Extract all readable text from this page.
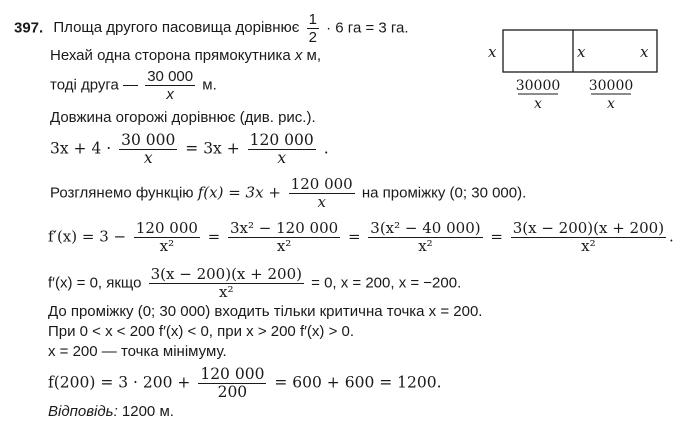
397. Площа другого пасовища дорівнює $\frac{1}{2} \cdot 6$ га = 3 га.
Нехай одна сторона прямокутника x м,
тоді друга — $\frac{30 000}{x} м$.
Довжина огорожі дорівнює (див. рис.).
$3x + 4 \cdot \frac{30 000}{x} = 3x + \frac{120 000}{x}$ .
Розглянемо функцію $f(x) = 3x + \frac{120 000}{x}$ на проміжку (0; 30 000).
$f'(x) = 3 - \frac{120 000}{\text{x²}} = \frac{\text{3x² − 120 000}}{\text{x²}} = \frac{\text{3(x² − 40 000)}}{\text{x²}} = \frac{3(x - 200)(x + 200)}{\text{x²}}$ .
f′(x) = 0, якщо $\frac{3(x - 200)(x + 200)}{\text{x²}} = 0$, x = 200, x = −200.
До проміжку (0; 30 000) входить тільки критична точка x = 200.
При 0 < x < 200 f′(x) < 0, при x > 200 f′(x) > 0.
x = 200 — точка мінімуму.
$f(200) = 3 \cdot 200 + \frac{120 000}{200} = 600 + 600 = 1200$.
Відповідь: 1200 м.
x	x	x
30000
x
30000
x
